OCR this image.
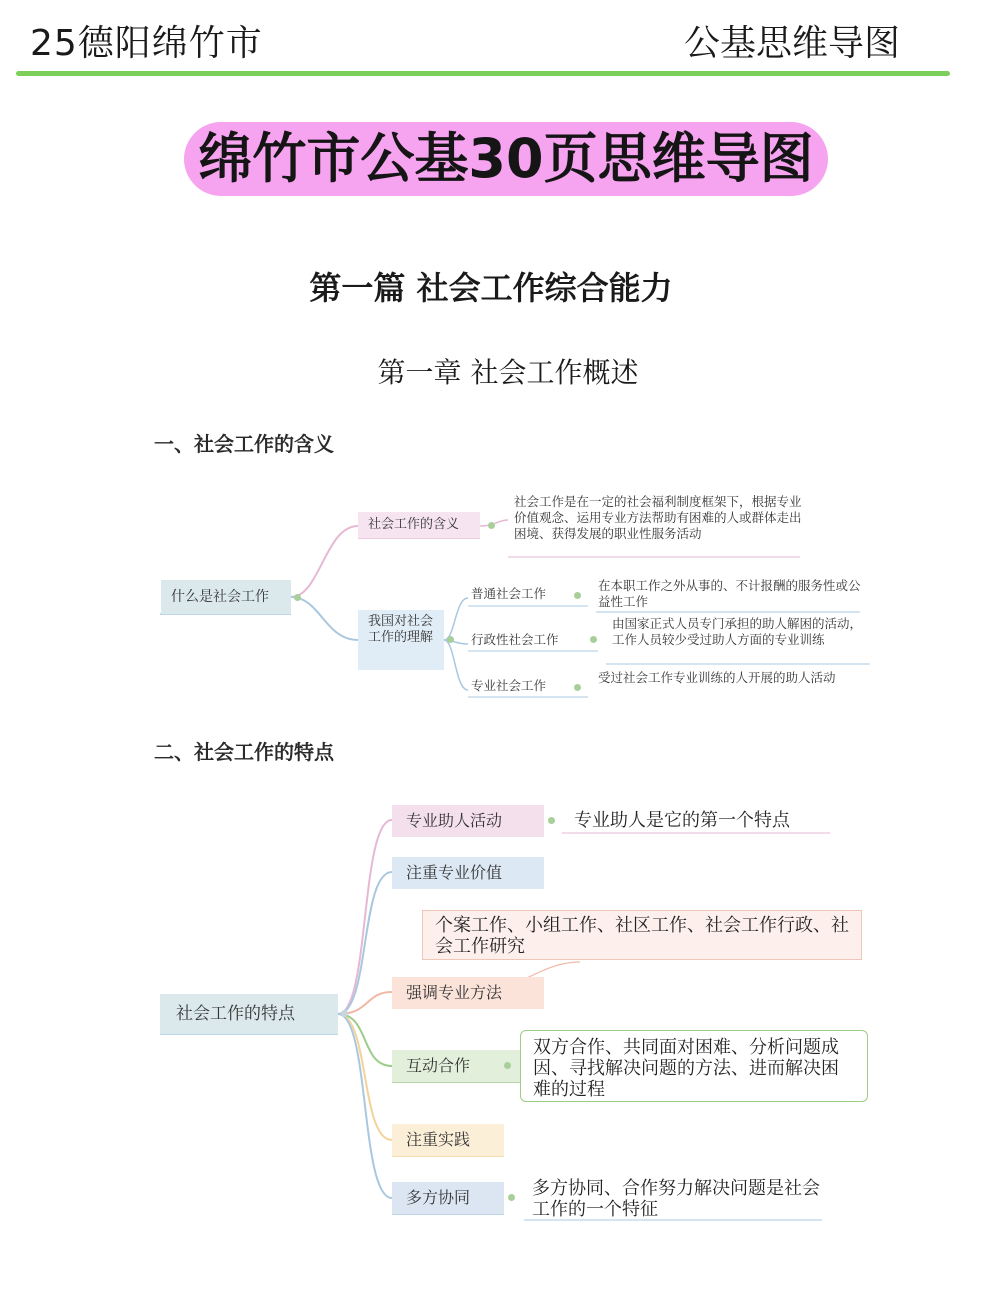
25德阳绵竹市	公基思维导图
绵竹市公基30页思维导图
第一篇 社会工作综合能力
第一章 社会工作概述
一、社会工作的含义
什么是社会工作
社会工作的含义
社会工作是在一定的社会福利制度框架下，根据专业价值观念、运用专业方法帮助有困难的人或群体走出困境、获得发展的职业性服务活动
我国对社会工作的理解
普通社会工作
在本职工作之外从事的、不计报酬的服务性或公益性工作
行政性社会工作
由国家正式人员专门承担的助人解困的活动，工作人员较少受过助人方面的专业训练
专业社会工作
受过社会工作专业训练的人开展的助人活动
二、社会工作的特点
社会工作的特点
专业助人活动	专业助人是它的第一个特点
注重专业价值
个案工作、小组工作、社区工作、社会工作行政、社会工作研究
强调专业方法
互动合作
双方合作、共同面对困难、分析问题成因、寻找解决问题的方法、进而解决困难的过程
注重实践
多方协同	多方协同、合作努力解决问题是社会工作的一个特征
